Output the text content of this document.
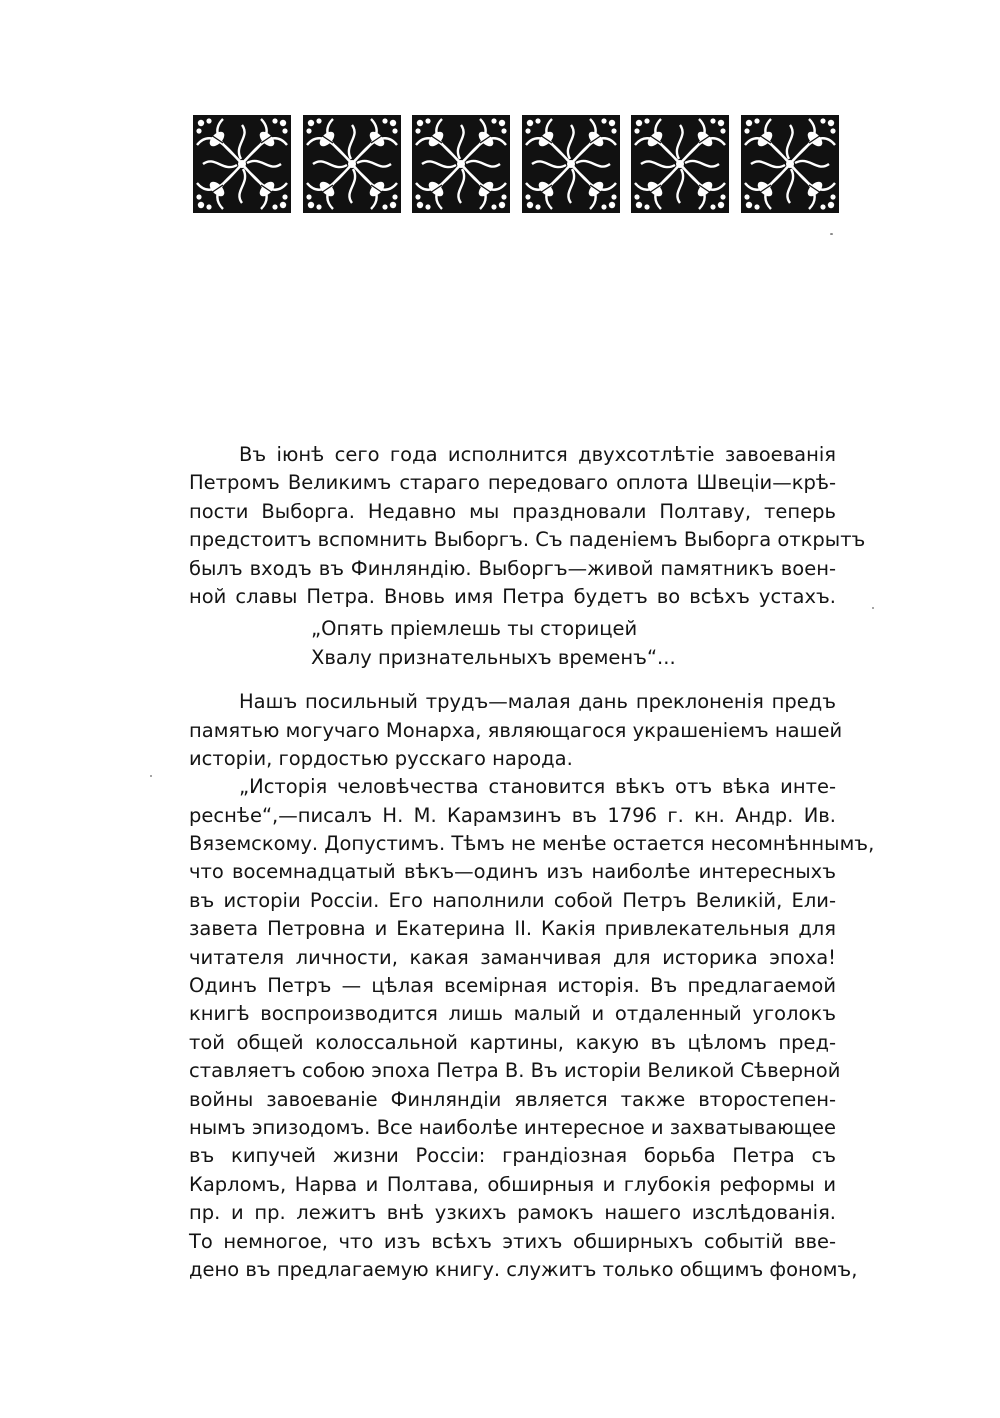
Въ іюнѣ сего года исполнится двухсотлѣтіе завоеванія
Петромъ Великимъ стараго передоваго оплота Швеціи—крѣ-
пости Выборга. Недавно мы праздновали Полтаву, теперь
предстоитъ вспомнить Выборгъ. Съ паденіемъ Выборга открытъ
былъ входъ въ Финляндію. Выборгъ—живой памятникъ воен-
ной славы Петра. Вновь имя Петра будетъ во всѣхъ устахъ.
„Опять пріемлешь ты сторицей
Хвалу признательныхъ временъ“...
Нашъ посильный трудъ—малая дань преклоненія предъ
памятью могучаго Монарха, являющагося украшеніемъ нашей
исторіи, гордостью русскаго народа.
„Исторія человѣчества становится вѣкъ отъ вѣка инте-
реснѣе“,—писалъ Н. М. Карамзинъ въ 1796 г. кн. Андр. Ив.
Вяземскому. Допустимъ. Тѣмъ не менѣе остается несомнѣннымъ,
что восемнадцатый вѣкъ—одинъ изъ наиболѣе интересныхъ
въ исторіи Россіи. Его наполнили собой Петръ Великій, Ели-
завета Петровна и Екатерина II. Какія привлекательныя для
читателя личности, какая заманчивая для историка эпоха!
Одинъ Петръ — цѣлая всемірная исторія. Въ предлагаемой
книгѣ воспроизводится лишь малый и отдаленный уголокъ
той общей колоссальной картины, какую въ цѣломъ пред-
ставляетъ собою эпоха Петра В. Въ исторіи Великой Сѣверной
войны завоеваніе Финляндіи является также второстепен-
нымъ эпизодомъ. Все наиболѣе интересное и захватывающее
въ кипучей жизни Россіи: грандіозная борьба Петра съ
Карломъ, Нарва и Полтава, обширныя и глубокія реформы и
пр. и пр. лежитъ внѣ узкихъ рамокъ нашего изслѣдованія.
То немногое, что изъ всѣхъ этихъ обширныхъ событій вве-
дено въ предлагаемую книгу. служитъ только общимъ фономъ,
